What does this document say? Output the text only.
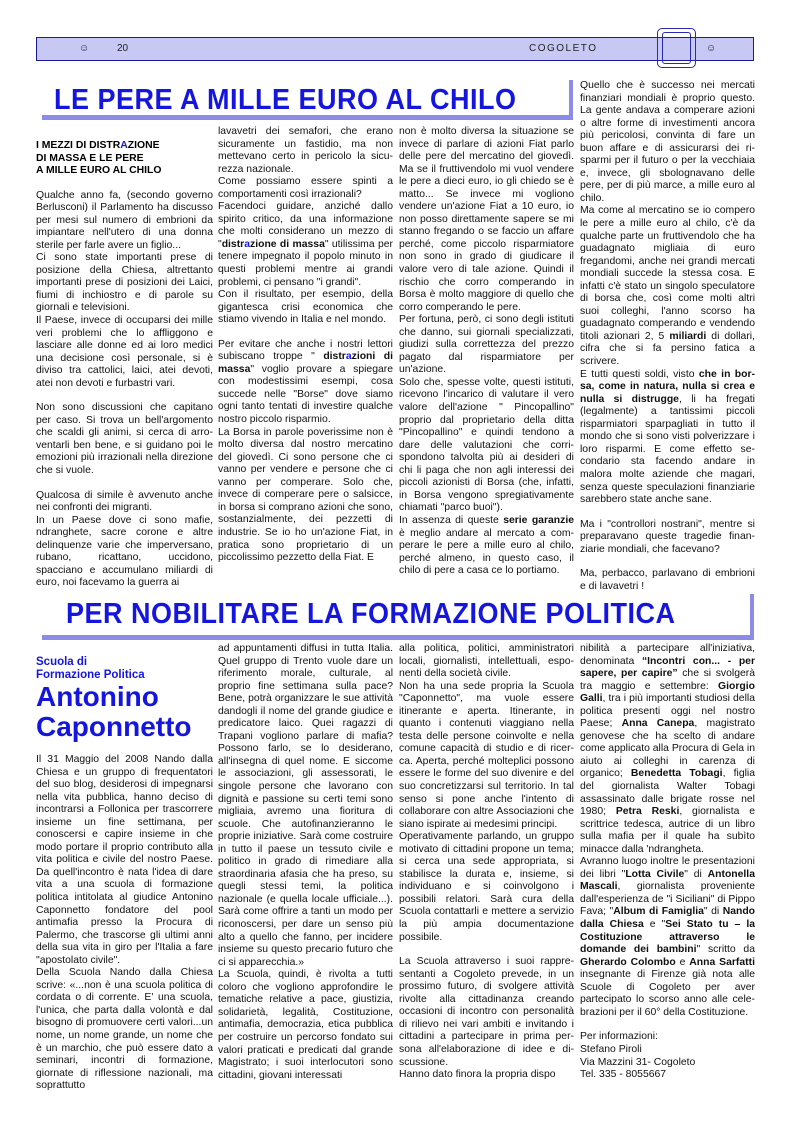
☺	20	COGOLETO	☺
LE PERE A MILLE EURO AL CHILO
I MEZZI DI DISTRAZIONE
DI MASSA E LE PERE
A MILLE EURO AL CHILO

Qualche anno fa, (secondo governo Berlusconi) il Parlamento ha discusso per mesi sul numero di embrioni da impiantare nell'utero di una donna sterile per farle avere un figlio...

Ci sono state importanti prese di posizione della Chiesa, altrettanto importanti prese di posizioni dei Laici, fiumi di inchiostro e di parole su giornali e televisioni.

Il Paese, invece di occuparsi dei mille veri problemi che lo affliggono e lasciare alle donne ed ai loro medici una decisione così personale, si è diviso tra cattolici, laici, atei devoti, atei non devoti e furbastri vari.

Non sono discussioni che capitano per caso. Si trova un bell'argomento che scaldi gli animi, si cerca di arroventarli ben bene, e si guidano poi le emozioni più irrazionali nella direzione che si vuole.

Qualcosa di simile è avvenuto anche nei confronti dei migranti.

In un Paese dove ci sono mafie, ndranghete, sacre corone e altre delinquenze varie che imperversano, rubano, ricattano, uccidono, spacciano e accumulano miliardi di euro, noi facevamo la guerra ai

lavavetri dei semafori, che erano sicuramente un fastidio, ma non mettevano certo in pericolo la sicurezza nazionale.

Come possiamo essere spinti a comportamenti così irrazionali?

Facendoci guidare, anziché dallo spirito critico, da una informazione che molti considerano un mezzo di "distrazione di massa" utilissima per tenere impegnato il popolo minuto in questi problemi mentre ai grandi problemi, ci pensano "i grandi".

Con il risultato, per esempio, della gigantesca crisi economica che stiamo vivendo in Italia e nel mondo.

Per evitare che anche i nostri lettori subiscano troppe " distrazioni di massa" voglio provare a spiegare con modestissimi esempi, cosa succede nelle "Borse" dove siamo ogni tanto tentati di investire qualche nostro piccolo risparmio.

La Borsa in parole poverissime non è molto diversa dal nostro mercatino del giovedì. Ci sono persone che ci vanno per vendere e persone che ci vanno per comperare. Solo che, invece di comperare pere o salsicce, in borsa si comprano azioni che sono, sostanzialmente, dei pezzetti di industrie. Se io ho un'azione Fiat, in pratica sono proprietario di un piccolissimo pezzetto della Fiat. E

non è molto diversa la situazione se invece di parlare di azioni Fiat parlo delle pere del mercatino del giovedì. Ma se il fruttivendolo mi vuol vendere le pere a dieci euro, io gli chiedo se è matto... Se invece mi vogliono vendere un'azione Fiat a 10 euro, io non posso direttamente sapere se mi stanno fregando o se faccio un affare perché, come piccolo risparmiatore non sono in grado di giudicare il valore vero di tale azione. Quindi il rischio che corro comperando in Borsa è molto maggiore di quello che corro comperando le pere.

Per fortuna, però, ci sono degli istituti che danno, sui giornali specializzati, giudizi sulla correttezza del prezzo pagato dal risparmiatore per un'azione.

Solo che, spesse volte, questi istituti, ricevono l'incarico di valutare il vero valore dell'azione " Pincopallino" proprio dal proprietario della ditta "Pincopallino" e quindi tendono a dare delle valutazioni che corrispondono talvolta più ai desideri di chi li paga che non agli interessi dei piccoli azionisti di Borsa (che, infatti, in Borsa vengono spregiativamente chiamati "parco buoi").

In assenza di queste serie garanzie è meglio andare al mercato a comperare le pere a mille euro al chilo, perché almeno, in questo caso, il chilo di pere a casa ce lo portiamo.

Quello che è successo nei mercati finanziari mondiali è proprio questo. La gente andava a comperare azioni o altre forme di investimenti ancora più pericolosi, convinta di fare un buon affare e di assicurarsi dei risparmi per il futuro o per la vecchiaia e, invece, gli sbolognavano delle pere, per di più marce, a mille euro al chilo.

Ma come al mercatino se io compero le pere a mille euro al chilo, c'è da qualche parte un fruttivendolo che ha guadagnato migliaia di euro fregandomi, anche nei grandi mercati mondiali succede la stessa cosa. E infatti c'è stato un singolo speculatore di borsa che, così come molti altri suoi colleghi, l'anno scorso ha guadagnato comperando e vendendo titoli azionari 2, 5 miliardi di dollari, cifra che si fa persino fatica a scrivere.

E tutti questi soldi, visto che in borsa, come in natura, nulla si crea e nulla si distrugge, li ha fregati (legalmente) a tantissimi piccoli risparmiatori sparpagliati in tutto il mondo che si sono visti polverizzare i loro risparmi. E come effetto secondario sta facendo andare in malora molte aziende che magari, senza queste speculazioni finanziarie sarebbero state anche sane.

Ma i "controllori nostrani", mentre si preparavano queste tragedie finanziarie mondiali, che facevano?

Ma, perbacco, parlavano di embrioni e di lavavetri !

PER NOBILITARE LA FORMAZIONE POLITICA
Scuola di
Formazione Politica
Antonino
Caponnetto

Il 31 Maggio del 2008 Nando dalla Chiesa e un gruppo di frequentatori del suo blog, desiderosi di impegnarsi nella vita pubblica, hanno deciso di incontrarsi a Follonica per trascorrere insieme un fine settimana, per conoscersi e capire insieme in che modo portare il proprio contributo alla vita politica e civile del nostro Paese. Da quell'incontro è nata l'idea di dare vita a una scuola di formazione politica intitolata al giudice Antonino Caponnetto fondatore del pool antimafia presso la Procura di Palermo, che trascorse gli ultimi anni della sua vita in giro per l'Italia a fare "apostolato civile".

Della Scuola Nando dalla Chiesa scrive: «...non è una scuola politica di cordata o di corrente. E' una scuola, l'unica, che parta dalla volontà e dal bisogno di promuovere certi valori...un nome, un nome grande, un nome che è un marchio, che può essere dato a seminari, incontri di formazione, giornate di riflessione nazionali, ma soprattutto

ad appuntamenti diffusi in tutta Italia. Quel gruppo di Trento vuole dare un riferimento morale, culturale, al proprio fine settimana sulla pace? Bene, potrà organizzare le sue attività dandogli il nome del grande giudice e predicatore laico. Quei ragazzi di Trapani vogliono parlare di mafia? Possono farlo, se lo desiderano, all'insegna di quel nome. E siccome le associazioni, gli assessorati, le singole persone che lavorano con dignità e passione su certi temi sono migliaia, avremo una fioritura di scuole. Che autofinanzieranno le proprie iniziative. Sarà come costruire in tutto il paese un tessuto civile e politico in grado di rimediare alla straordinaria afasia che ha preso, su quegli stessi temi, la politica nazionale (e quella locale ufficiale...). Sarà come offrire a tanti un modo per riconoscersi, per dare un senso più alto a quello che fanno, per incidere insieme su questo precario futuro che ci si apparecchia.»

La Scuola, quindi, è rivolta a tutti coloro che vogliono approfondire le tematiche relative a pace, giustizia, solidarietà, legalità, Costituzione, antimafia, democrazia, etica pubblica per costruire un percorso fondato sui valori praticati e predicati dal grande Magistrato; i suoi interlocutori sono cittadini, giovani interessati

alla politica, politici, amministratori locali, giornalisti, intellettuali, esponenti della società civile.

Non ha una sede propria la Scuola "Caponnetto", ma vuole essere itinerante e aperta. Itinerante, in quanto i contenuti viaggiano nella testa delle persone coinvolte e nella comune capacità di studio e di ricerca. Aperta, perché molteplici possono essere le forme del suo divenire e del suo concretizzarsi sul territorio. In tal senso si pone anche l'intento di collaborare con altre Associazioni che siano ispirate ai medesimi principi.

Operativamente parlando, un gruppo motivato di cittadini propone un tema; si cerca una sede appropriata, si stabilisce la durata e, insieme, si individuano e si coinvolgono i possibili relatori. Sarà cura della Scuola contattarli e mettere a servizio la più ampia documentazione possibile.

La Scuola attraverso i suoi rappresentanti a Cogoleto prevede, in un prossimo futuro, di svolgere attività rivolte alla cittadinanza creando occasioni di incontro con personalità di rilievo nei vari ambiti e invitando i cittadini a partecipare in prima persona all'elaborazione di idee e discussione.

Hanno dato finora la propria dispo

nibilità a partecipare all'iniziativa, denominata “Incontri con... - per sapere, per capire” che si svolgerà tra maggio e settembre: Giorgio Galli, tra i più importanti studiosi della politica presenti oggi nel nostro Paese; Anna Canepa, magistrato genovese che ha scelto di andare come applicato alla Procura di Gela in aiuto ai colleghi in carenza di organico; Benedetta Tobagi, figlia del giornalista Walter Tobagi assassinato dalle brigate rosse nel 1980; Petra Reski, giornalista e scrittrice tedesca, autrice di un libro sulla mafia per il quale ha subìto minacce dalla 'ndrangheta.

Avranno luogo inoltre le presentazioni dei libri "Lotta Civile" di Antonella Mascali, giornalista proveniente dall'esperienza de "i Siciliani" di Pippo Fava; "Album di Famiglia" di Nando dalla Chiesa e "Sei Stato tu – la Costituzione attraverso le domande dei bambini" scritto da Gherardo Colombo e Anna Sarfatti insegnante di Firenze già nota alle Scuole di Cogoleto per aver partecipato lo scorso anno alle celebrazioni per il 60° della Costituzione.

Per informazioni:

Stefano Piroli

Via Mazzini 31- Cogoleto

Tel. 335 - 8055667
